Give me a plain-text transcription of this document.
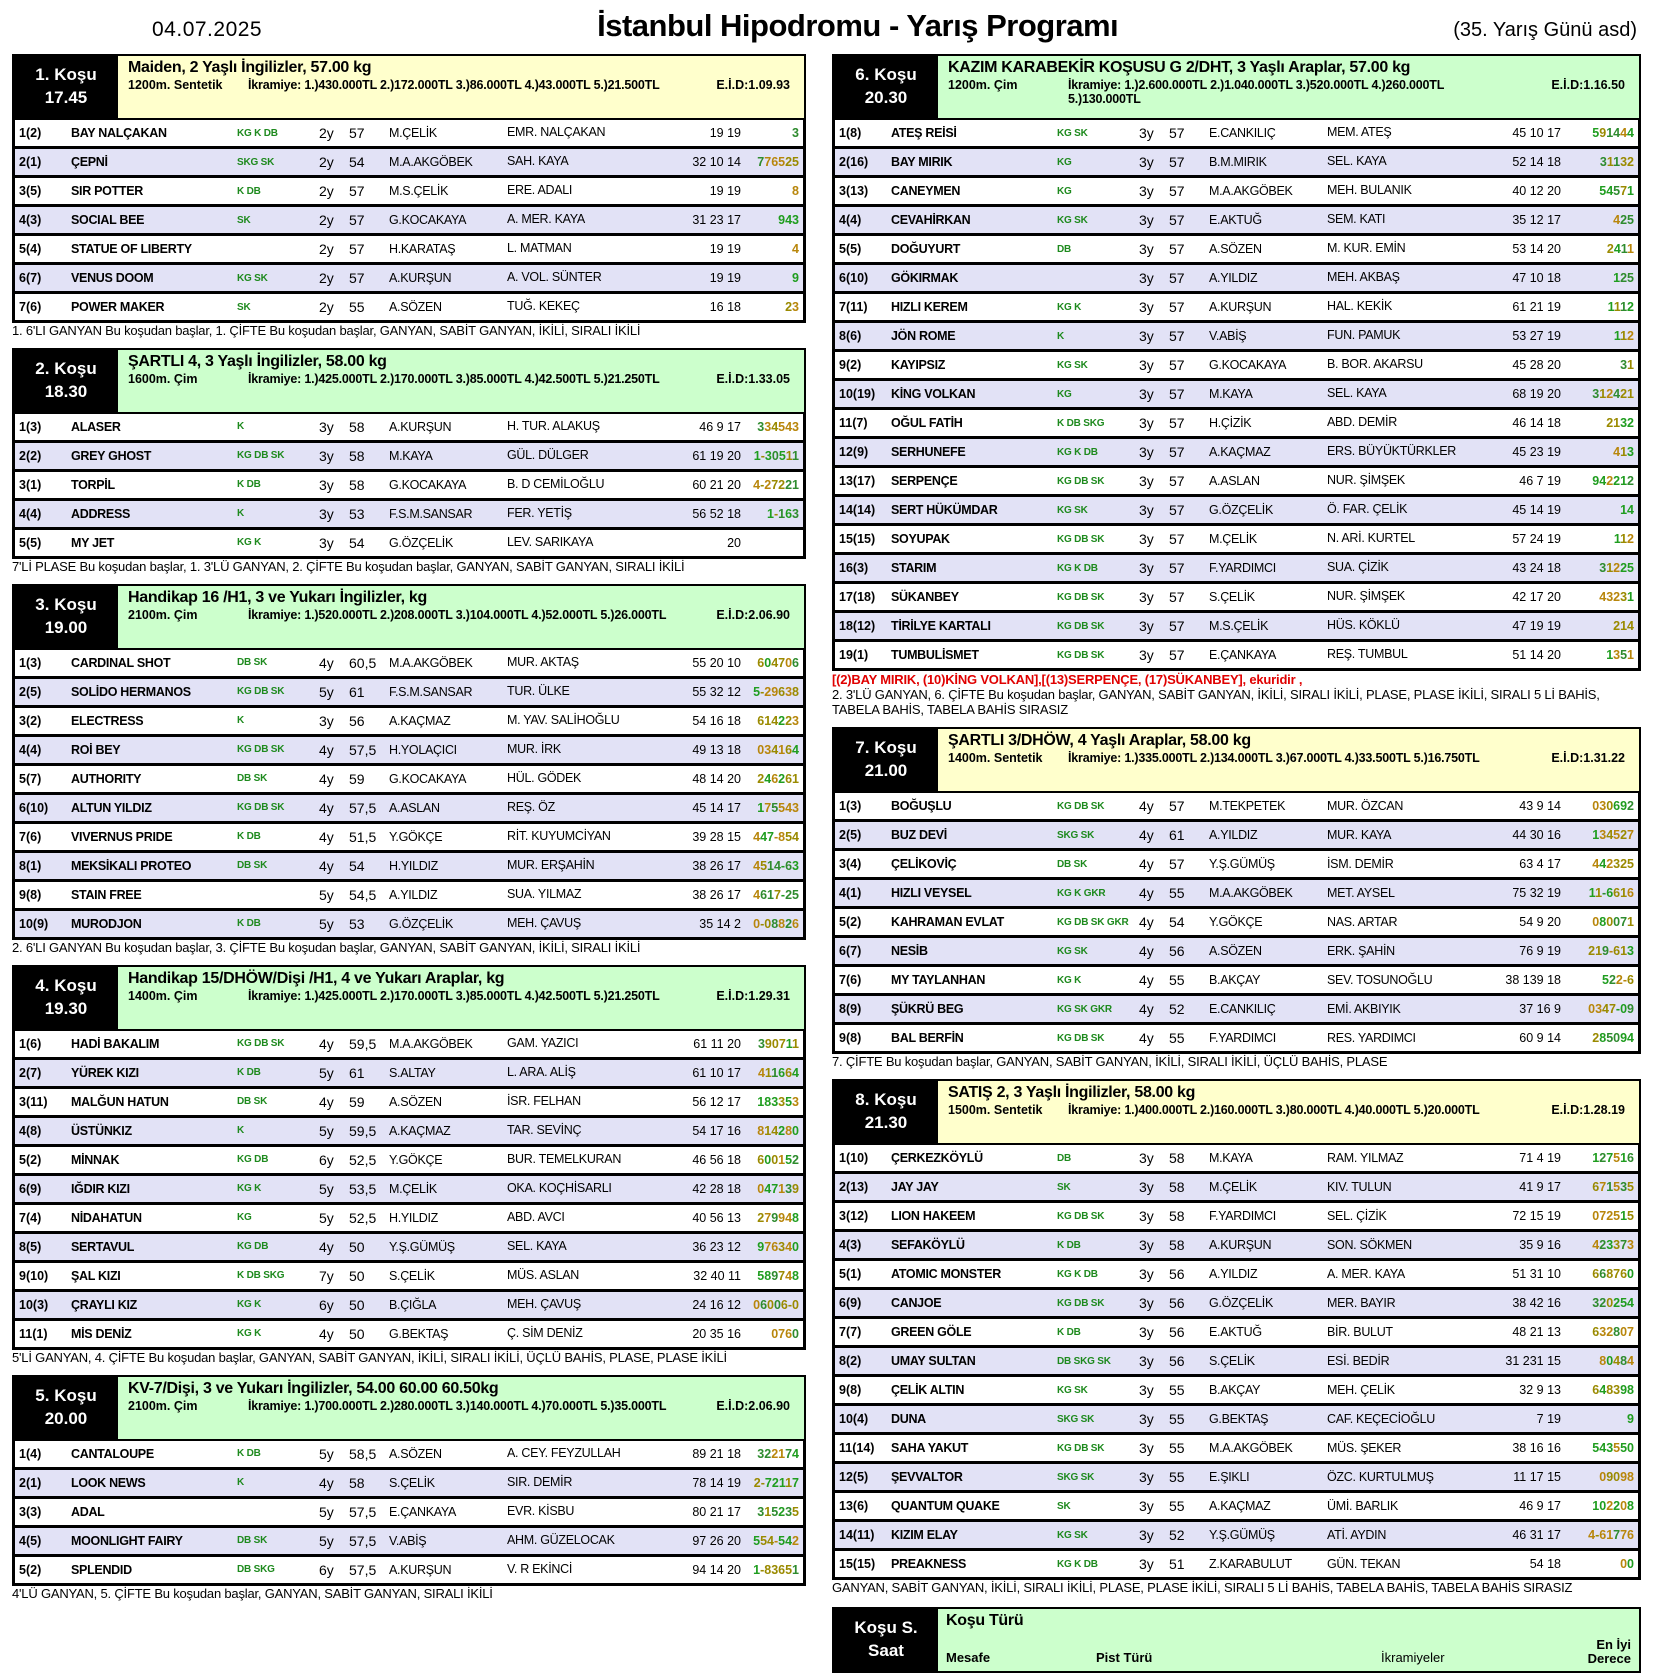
04.07.2025	İstanbul Hipodromu - Yarış Programı	(35. Yarış Günü asd)
1. Koşu
17.45
Maiden, 2 Yaşlı İngilizler, 57.00 kg
1200m. Sentetik	İkramiye: 1.)430.000TL 2.)172.000TL 3.)86.000TL 4.)43.000TL 5.)21.500TL	E.İ.D:1.09.93
1(2)	BAY NALÇAKAN	KG K DB	2y	57	M.ÇELİK	EMR. NALÇAKAN	19 19	3
2(1)	ÇEPNİ	SKG SK	2y	54	M.A.AKGÖBEK	SAH. KAYA	32 10 14	776525
3(5)	SIR POTTER	K DB	2y	57	M.S.ÇELİK	ERE. ADALI	19 19	8
4(3)	SOCIAL BEE	SK	2y	57	G.KOCAKAYA	A. MER. KAYA	31 23 17	943
5(4)	STATUE OF LIBERTY	2y	57	H.KARATAŞ	L. MATMAN	19 19	4
6(7)	VENUS DOOM	KG SK	2y	57	A.KURŞUN	A. VOL. SÜNTER	19 19	9
7(6)	POWER MAKER	SK	2y	55	A.SÖZEN	TUĞ. KEKEÇ	16 18	23
1. 6'LI GANYAN Bu koşudan başlar, 1. ÇİFTE Bu koşudan başlar, GANYAN, SABİT GANYAN, İKİLİ, SIRALI İKİLİ
2. Koşu
18.30
ŞARTLI 4, 3 Yaşlı İngilizler, 58.00 kg
1600m. Çim	İkramiye: 1.)425.000TL 2.)170.000TL 3.)85.000TL 4.)42.500TL 5.)21.250TL	E.İ.D:1.33.05
1(3)	ALASER	K	3y	58	A.KURŞUN	H. TUR. ALAKUŞ	46 9 17	334543
2(2)	GREY GHOST	KG DB SK	3y	58	M.KAYA	GÜL. DÜLGER	61 19 20	1-30511
3(1)	TORPİL	K DB	3y	58	G.KOCAKAYA	B. D CEMİLOĞLU	60 21 20 4-27221
4(4)	ADDRESS	K	3y	53	F.S.M.SANSAR	FER. YETİŞ	56 52 18	1-163
5(5)	MY JET	KG K	3y	54	G.ÖZÇELİK	LEV. SARIKAYA	20
7'Lİ PLASE Bu koşudan başlar, 1. 3'LÜ GANYAN, 2. ÇİFTE Bu koşudan başlar, GANYAN, SABİT GANYAN, SIRALI İKİLİ
3. Koşu
19.00
Handikap 16 /H1, 3 ve Yukarı İngilizler, kg
2100m. Çim	İkramiye: 1.)520.000TL 2.)208.000TL 3.)104.000TL 4.)52.000TL 5.)26.000TL	E.İ.D:2.06.90
1(3)	CARDINAL SHOT	DB SK	4y	60,5	M.A.AKGÖBEK	MUR. AKTAŞ	55 20 10	604706
2(5)	SOLİDO HERMANOS	KG DB SK	5y	61	F.S.M.SANSAR	TUR. ÜLKE	55 32 12 5-29638
3(2)	ELECTRESS	K	3y	56	A.KAÇMAZ	M. YAV. SALİHOĞLU	54 16 18	614223
4(4)	ROİ BEY	KG DB SK	4y	57,5	H.YOLAÇICI	MUR. İRK	49 13 18	034164
5(7)	AUTHORITY	DB SK	4y	59	G.KOCAKAYA	HÜL. GÖDEK	48 14 20	246261
6(10)	ALTUN YILDIZ	KG DB SK	4y	57,5	A.ASLAN	REŞ. ÖZ	45 14 17	175543
7(6)	VIVERNUS PRIDE	K DB	4y	51,5	Y.GÖKÇE	RİT. KUYUMCİYAN	39 28 15 447-854
8(1)	MEKSİKALI PROTEO	DB SK	4y	54	H.YILDIZ	MUR. ERŞAHİN	38 26 17 4514-63
9(8)	STAIN FREE	5y	54,5	A.YILDIZ	SUA. YILMAZ	38 26 17 4617-25
10(9)	MURODJON	K DB	5y	53	G.ÖZÇELİK	MEH. ÇAVUŞ	35 14 2 0-08826
2. 6'LI GANYAN Bu koşudan başlar, 3. ÇİFTE Bu koşudan başlar, GANYAN, SABİT GANYAN, İKİLİ, SIRALI İKİLİ
4. Koşu
19.30
Handikap 15/DHÖW/Dişi /H1, 4 ve Yukarı Araplar, kg
1400m. Çim	İkramiye: 1.)425.000TL 2.)170.000TL 3.)85.000TL 4.)42.500TL 5.)21.250TL	E.İ.D:1.29.31
1(6)	HADİ BAKALIM	KG DB SK	4y	59,5	M.A.AKGÖBEK	GAM. YAZICI	61 11 20	390711
2(7)	YÜREK KIZI	K DB	5y	61	S.ALTAY	L. ARA. ALİŞ	61 10 17	411664
3(11)	MALĞUN HATUN	DB SK	4y	59	A.SÖZEN	İSR. FELHAN	56 12 17	183353
4(8)	ÜSTÜNKIZ	K	5y	59,5	A.KAÇMAZ	TAR. SEVİNÇ	54 17 16	814280
5(2)	MİNNAK	KG DB	6y	52,5	Y.GÖKÇE	BUR. TEMELKURAN	46 56 18	600152
6(9)	IĞDIR KIZI	KG K	5y	53,5	M.ÇELİK	OKA. KOÇHİSARLI	42 28 18	047139
7(4)	NİDAHATUN	KG	5y	52,5	H.YILDIZ	ABD. AVCI	40 56 13	279948
8(5)	SERTAVUL	KG DB	4y	50	Y.Ş.GÜMÜŞ	SEL. KAYA	36 23 12	976340
9(10)	ŞAL KIZI	K DB SKG	7y	50	S.ÇELİK	MÜS. ASLAN	32 40 11	589748
10(3)	ÇRAYLI KIZ	KG K	6y	50	B.ÇIĞLA	MEH. ÇAVUŞ	24 16 12 06006-0
11(1)	MİS DENİZ	KG K	4y	50	G.BEKTAŞ	Ç. SİM DENİZ	20 35 16	0760
5'Lİ GANYAN, 4. ÇİFTE Bu koşudan başlar, GANYAN, SABİT GANYAN, İKİLİ, SIRALI İKİLİ, ÜÇLÜ BAHİS, PLASE, PLASE İKİLİ
5. Koşu
20.00
KV-7/Dişi, 3 ve Yukarı İngilizler, 54.00 60.00 60.50kg
2100m. Çim	İkramiye: 1.)700.000TL 2.)280.000TL 3.)140.000TL 4.)70.000TL 5.)35.000TL	E.İ.D:2.06.90
1(4)	CANTALOUPE	K DB	5y	58,5	A.SÖZEN	A. CEY. FEYZULLAH	89 21 18	322174
2(1)	LOOK NEWS	K	4y	58	S.ÇELİK	SIR. DEMİR	78 14 19	2-72117
3(3)	ADAL	5y	57,5	E.ÇANKAYA	EVR. KİSBU	80 21 17	315235
4(5)	MOONLIGHT FAIRY	DB SK	5y	57,5	V.ABİŞ	AHM. GÜZELOCAK	97 26 20 554-542
5(2)	SPLENDID	DB SKG	6y	57,5	A.KURŞUN	V. R EKİNCİ	94 14 20 1-83651
4'LÜ GANYAN, 5. ÇİFTE Bu koşudan başlar, GANYAN, SABİT GANYAN, SIRALI İKİLİ
6. Koşu
20.30
KAZIM KARABEKİR KOŞUSU G 2/DHT, 3 Yaşlı Araplar, 57.00 kg
1200m. Çim	İkramiye: 1.)2.600.000TL 2.)1.040.000TL 3.)520.000TL 4.)260.000TL 5.)130.000TL
E.İ.D:1.16.50
1(8)	ATEŞ REİSİ	KG SK	3y	57	E.CANKILIÇ	MEM. ATEŞ	45 10 17	591444
2(16)	BAY MIRIK	KG	3y	57	B.M.MIRIK	SEL. KAYA	52 14 18	31132
3(13)	CANEYMEN	KG	3y	57	M.A.AKGÖBEK	MEH. BULANIK	40 12 20	54571
4(4)	CEVAHİRKAN	KG SK	3y	57	E.AKTUĞ	SEM. KATI	35 12 17	425
5(5)	DOĞUYURT	DB	3y	57	A.SÖZEN	M. KUR. EMİN	53 14 20	2411
6(10)	GÖKIRMAK	3y	57	A.YILDIZ	MEH. AKBAŞ	47 10 18	125
7(11)	HIZLI KEREM	KG K	3y	57	A.KURŞUN	HAL. KEKİK	61 21 19	1112
8(6)	JÖN ROME	K	3y	57	V.ABİŞ	FUN. PAMUK	53 27 19	112
9(2)	KAYIPSIZ	KG SK	3y	57	G.KOCAKAYA	B. BOR. AKARSU	45 28 20	31
10(19)	KİNG VOLKAN	KG	3y	57	M.KAYA	SEL. KAYA	68 19 20	312421
11(7)	OĞUL FATİH	K DB SKG	3y	57	H.ÇİZİK	ABD. DEMİR	46 14 18	2132
12(9)	SERHUNEFE	KG K DB	3y	57	A.KAÇMAZ	ERS. BÜYÜKTÜRKLER	45 23 19	413
13(17)	SERPENÇE	KG DB SK	3y	57	A.ASLAN	NUR. ŞİMŞEK	46 7 19	942212
14(14)	SERT HÜKÜMDAR	KG SK	3y	57	G.ÖZÇELİK	Ö. FAR. ÇELİK	45 14 19	14
15(15)	SOYUPAK	KG DB SK	3y	57	M.ÇELİK	N. ARİ. KURTEL	57 24 19	112
16(3)	STARIM	KG K DB	3y	57	F.YARDIMCI	SUA. ÇİZİK	43 24 18	31225
17(18)	SÜKANBEY	KG DB SK	3y	57	S.ÇELİK	NUR. ŞİMŞEK	42 17 20	43231
18(12)	TİRİLYE KARTALI	KG DB SK	3y	57	M.S.ÇELİK	HÜS. KÖKLÜ	47 19 19	214
19(1)	TUMBULİSMET	KG DB SK	3y	57	E.ÇANKAYA	REŞ. TUMBUL	51 14 20	1351
[(2)BAY MIRIK, (10)KİNG VOLKAN],[(13)SERPENÇE, (17)SÜKANBEY], ekuridir ,
2. 3'LÜ GANYAN, 6. ÇİFTE Bu koşudan başlar, GANYAN, SABİT GANYAN, İKİLİ, SIRALI İKİLİ, PLASE, PLASE İKİLİ, SIRALI 5 Lİ BAHİS, TABELA BAHİS, TABELA BAHİS SIRASIZ
7. Koşu
21.00
ŞARTLI 3/DHÖW, 4 Yaşlı Araplar, 58.00 kg
1400m. Sentetik	İkramiye: 1.)335.000TL 2.)134.000TL 3.)67.000TL 4.)33.500TL 5.)16.750TL	E.İ.D:1.31.22
1(3)	BOĞUŞLU	KG DB SK	4y	57	M.TEKPETEK	MUR. ÖZCAN	43 9 14	030692
2(5)	BUZ DEVİ	SKG SK	4y	61	A.YILDIZ	MUR. KAYA	44 30 16	134527
3(4)	ÇELİKOVİÇ	DB SK	4y	57	Y.Ş.GÜMÜŞ	İSM. DEMİR	63 4 17	442325
4(1)	HIZLI VEYSEL	KG K GKR	4y	55	M.A.AKGÖBEK	MET. AYSEL	75 32 19	11-6616
5(2)	KAHRAMAN EVLAT	KG DB SK GKR 4y	54	Y.GÖKÇE	NAS. ARTAR	54 9 20	080071
6(7)	NESİB	KG SK	4y	56	A.SÖZEN	ERK. ŞAHİN	76 9 19	219-613
7(6)	MY TAYLANHAN	KG K	4y	55	B.AKÇAY	SEV. TOSUNOĞLU	38 139 18	522-6
8(9)	ŞÜKRÜ BEG	KG SK GKR	4y	52	E.CANKILIÇ	EMİ. AKBIYIK	37 16 9	0347-09
9(8)	BAL BERFİN	KG DB SK	4y	55	F.YARDIMCI	RES. YARDIMCI	60 9 14	285094
7. ÇİFTE Bu koşudan başlar, GANYAN, SABİT GANYAN, İKİLİ, SIRALI İKİLİ, ÜÇLÜ BAHİS, PLASE
8. Koşu
21.30
SATIŞ 2, 3 Yaşlı İngilizler, 58.00 kg
1500m. Sentetik	İkramiye: 1.)400.000TL 2.)160.000TL 3.)80.000TL 4.)40.000TL 5.)20.000TL	E.İ.D:1.28.19
1(10)	ÇERKEZKÖYLÜ	DB	3y	58	M.KAYA	RAM. YILMAZ	71 4 19	127516
2(13)	JAY JAY	SK	3y	58	M.ÇELİK	KIV. TULUN	41 9 17	671535
3(12)	LION HAKEEM	KG DB SK	3y	58	F.YARDIMCI	SEL. ÇİZİK	72 15 19	072515
4(3)	SEFAKÖYLÜ	K DB	3y	58	A.KURŞUN	SON. SÖKMEN	35 9 16	423373
5(1)	ATOMIC MONSTER	KG K DB	3y	56	A.YILDIZ	A. MER. KAYA	51 31 10	668760
6(9)	CANJOE	KG DB SK	3y	56	G.ÖZÇELİK	MER. BAYIR	38 42 16	320254
7(7)	GREEN GÖLE	K DB	3y	56	E.AKTUĞ	BİR. BULUT	48 21 13	632807
8(2)	UMAY SULTAN	DB SKG SK	3y	56	S.ÇELİK	ESİ. BEDİR	31 231 15	80484
9(8)	ÇELİK ALTIN	KG SK	3y	55	B.AKÇAY	MEH. ÇELİK	32 9 13	648398
10(4)	DUNA	SKG SK	3y	55	G.BEKTAŞ	CAF. KEÇECİOĞLU	7 19	9
11(14)	SAHA YAKUT	KG DB SK	3y	55	M.A.AKGÖBEK	MÜS. ŞEKER	38 16 16	543550
12(5)	ŞEVVALTOR	SKG SK	3y	55	E.ŞIKLI	ÖZC. KURTULMUŞ	11 17 15	09098
13(6)	QUANTUM QUAKE	SK	3y	55	A.KAÇMAZ	ÜMİ. BARLIK	46 9 17	102208
14(11)	KIZIM ELAY	KG SK	3y	52	Y.Ş.GÜMÜŞ	ATİ. AYDIN	46 31 17	4-61776
15(15)	PREAKNESS	KG K DB	3y	51	Z.KARABULUT	GÜN. TEKAN	54 18	00
GANYAN, SABİT GANYAN, İKİLİ, SIRALI İKİLİ, PLASE, PLASE İKİLİ, SIRALI 5 Lİ BAHİS, TABELA BAHİS, TABELA BAHİS SIRASIZ
Koşu S.
Saat
Koşu Türü
Mesafe	Pist Türü	İkramiyeler
En İyi Derece
